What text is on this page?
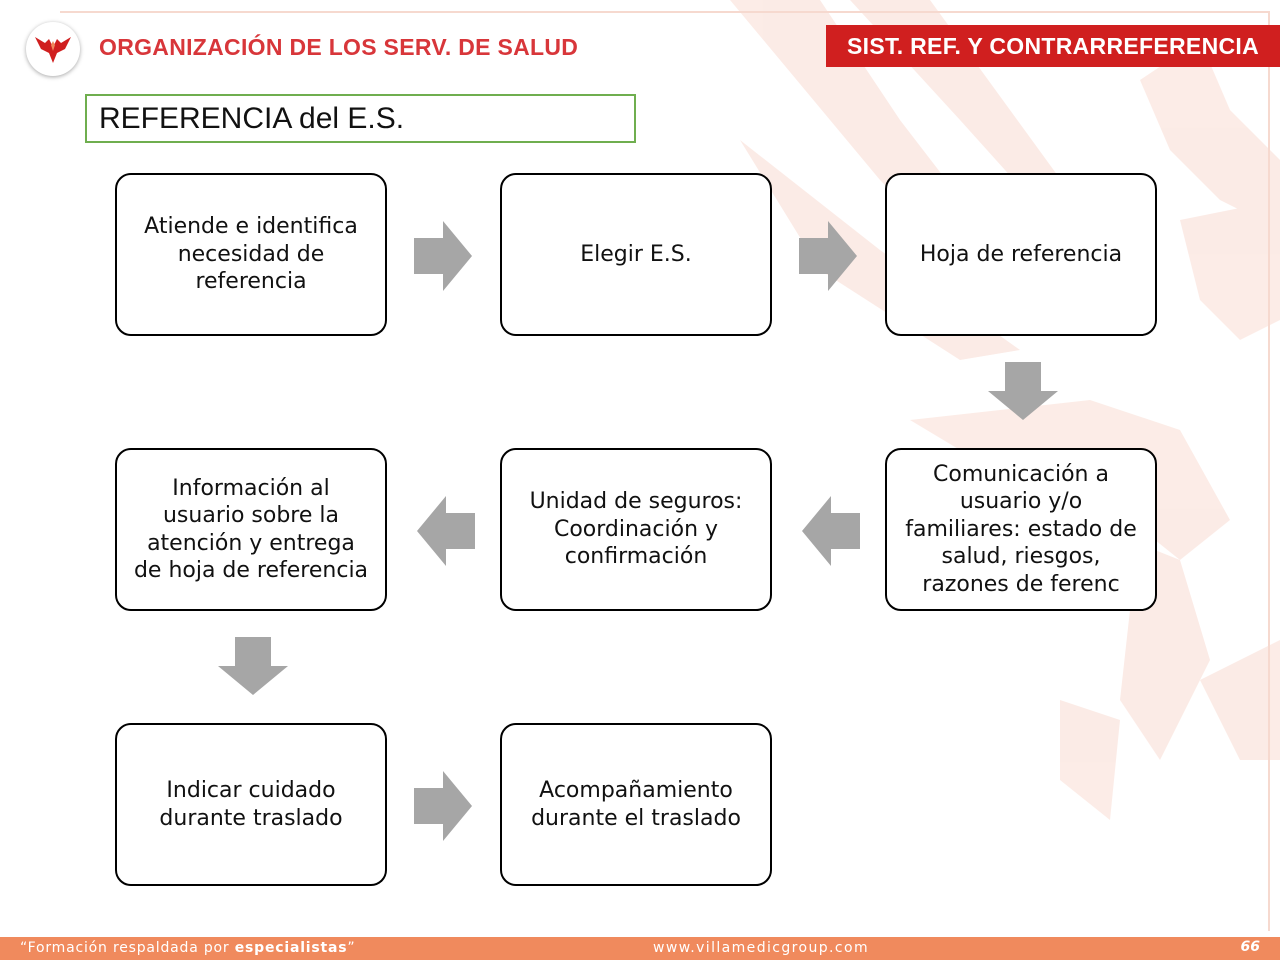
ORGANIZACIÓN DE LOS SERV. DE SALUD	SIST. REF. Y CONTRARREFERENCIA
REFERENCIA del E.S.
Atiende e identifica necesidad de referencia
Elegir E.S.	Hoja de referencia
Comunicación a usuario y/o familiares: estado de salud, riesgos, razones de ferenc
Unidad de seguros: Coordinación y confirmación
Información al usuario sobre la atención y entrega de hoja de referencia
Indicar cuidado durante traslado
Acompañamiento durante el traslado
“Formación respaldada por especialistas”	www.villamedicgroup.com	66
